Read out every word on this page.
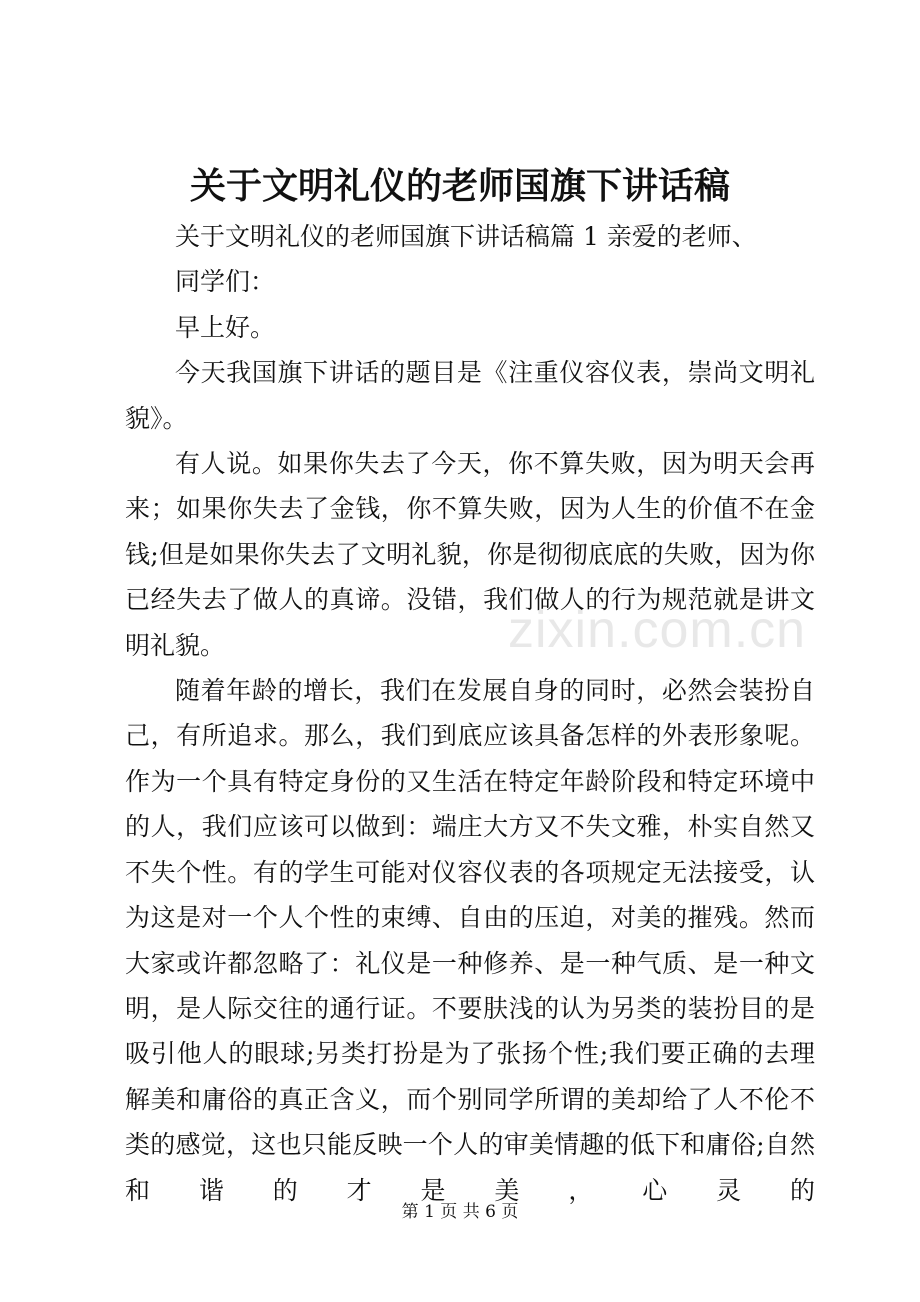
关于文明礼仪的老师国旗下讲话稿

关于文明礼仪的老师国旗下讲话稿篇 1 亲爱的老师、

同学们：

早上好。

今天我国旗下讲话的题目是《注重仪容仪表，崇尚文明礼貌》。

有人说。如果你失去了今天，你不算失败，因为明天会再来；如果你失去了金钱，你不算失败，因为人生的价值不在金钱;但是如果你失去了文明礼貌，你是彻彻底底的失败，因为你已经失去了做人的真谛。没错，我们做人的行为规范就是讲文明礼貌。

随着年龄的增长，我们在发展自身的同时，必然会装扮自己，有所追求。那么，我们到底应该具备怎样的外表形象呢。作为一个具有特定身份的又生活在特定年龄阶段和特定环境中的人，我们应该可以做到：端庄大方又不失文雅，朴实自然又不失个性。有的学生可能对仪容仪表的各项规定无法接受，认为这是对一个人个性的束缚、自由的压迫，对美的摧残。然而大家或许都忽略了：礼仪是一种修养、是一种气质、是一种文明，是人际交往的通行证。不要肤浅的认为另类的装扮目的是吸引他人的眼球;另类打扮是为了张扬个性;我们要正确的去理解美和庸俗的真正含义，而个别同学所谓的美却给了人不伦不类的感觉，这也只能反映一个人的审美情趣的低下和庸俗;自然和谐的才是美，心灵的

zixin.com.cn
第 1 页 共 6 页
